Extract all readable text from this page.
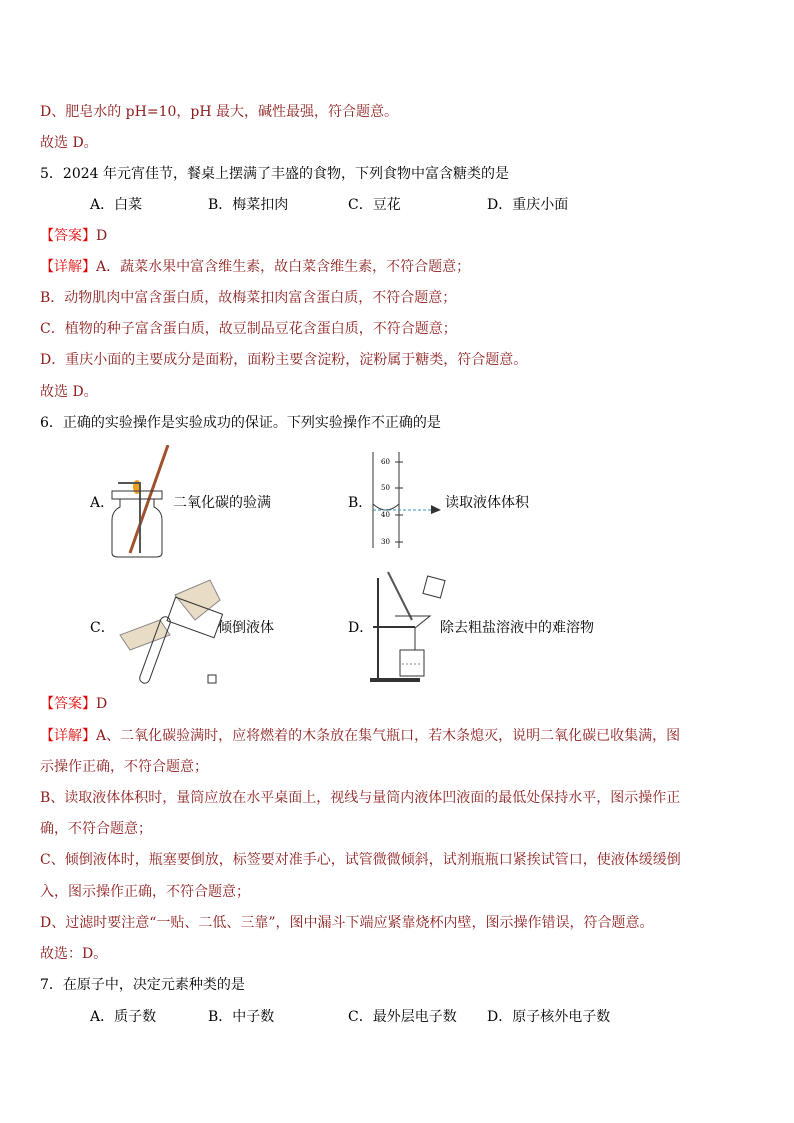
D、肥皂水的 pH=10，pH 最大，碱性最强，符合题意。
故选 D。
5．2024 年元宵佳节，餐桌上摆满了丰盛的食物，下列食物中富含糖类的是
A．白菜	B．梅菜扣肉	C．豆花	D．重庆小面
【答案】D
【详解】A．蔬菜水果中富含维生素，故白菜含维生素，不符合题意；
B．动物肌肉中富含蛋白质，故梅菜扣肉富含蛋白质，不符合题意；
C．植物的种子富含蛋白质，故豆制品豆花含蛋白质，不符合题意；
D．重庆小面的主要成分是面粉，面粉主要含淀粉，淀粉属于糖类，符合题意。
故选 D。
6．正确的实验操作是实验成功的保证。下列实验操作不正确的是
A．	二氧化碳的验满	B．
60
50
40
30
读取液体体积
C．	倾倒液体	D．	除去粗盐溶液中的难溶物
【答案】D
【详解】A、二氧化碳验满时，应将燃着的木条放在集气瓶口，若木条熄灭，说明二氧化碳已收集满，图
示操作正确，不符合题意；
B、读取液体体积时，量筒应放在水平桌面上，视线与量筒内液体凹液面的最低处保持水平，图示操作正
确，不符合题意；
C、倾倒液体时，瓶塞要倒放，标签要对准手心，试管微微倾斜，试剂瓶瓶口紧挨试管口，使液体缓缓倒
入，图示操作正确，不符合题意；
D、过滤时要注意“一贴、二低、三靠”，图中漏斗下端应紧靠烧杯内壁，图示操作错误，符合题意。
故选：D。
7．在原子中，决定元素种类的是
A．质子数	B．中子数	C．最外层电子数 D．原子核外电子数
